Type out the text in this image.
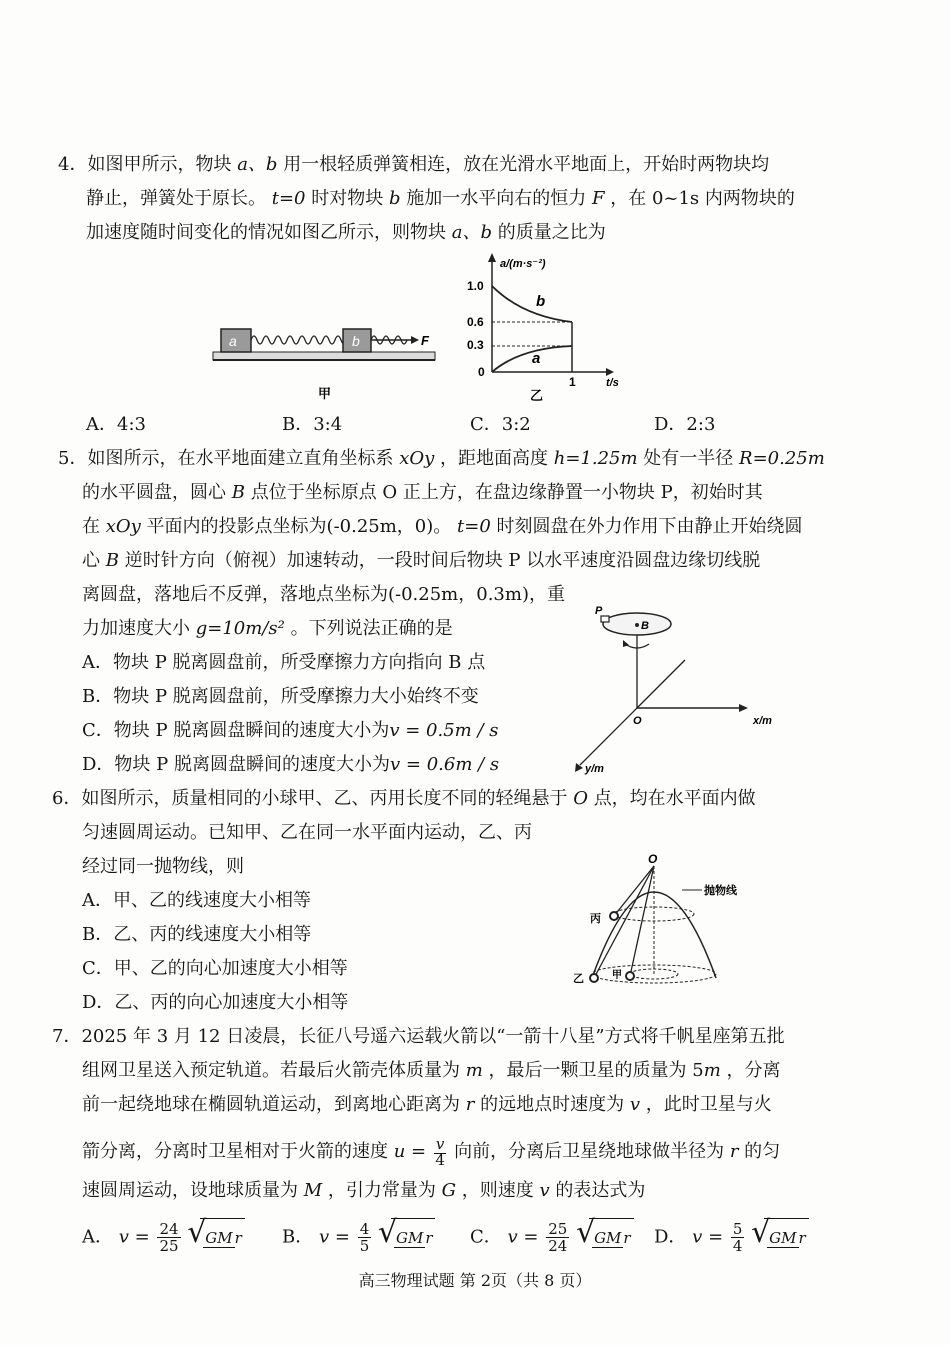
4．如图甲所示，物块 a、b 用一根轻质弹簧相连，放在光滑水平地面上，开始时两物块均
静止，弹簧处于原长。 t=0 时对物块 b 施加一水平向右的恒力 F ，在 0~1s 内两物块的
加速度随时间变化的情况如图乙所示，则物块 a、b 的质量之比为
a	b	F
甲
a/(m·s⁻²)
t/s
1.0
0.6
0.3
0
1
b
a
乙
A．4:3	B．3:4	C．3:2	D．2:3
5．如图所示，在水平地面建立直角坐标系 xOy ，距地面高度 h=1.25m 处有一半径 R=0.25m
的水平圆盘，圆心 B 点位于坐标原点 O 正上方，在盘边缘静置一小物块 P，初始时其
在 xOy 平面内的投影点坐标为(-0.25m，0)。 t=0 时刻圆盘在外力作用下由静止开始绕圆
心 B 逆时针方向（俯视）加速转动，一段时间后物块 P 以水平速度沿圆盘边缘切线脱
离圆盘，落地后不反弹，落地点坐标为(-0.25m，0.3m)，重
力加速度大小 g=10m/s² 。下列说法正确的是
A．物块 P 脱离圆盘前，所受摩擦力方向指向 B 点
B．物块 P 脱离圆盘前，所受摩擦力大小始终不变
C．物块 P 脱离圆盘瞬间的速度大小为v = 0.5m / s
D．物块 P 脱离圆盘瞬间的速度大小为v = 0.6m / s
P
B
O	x/m
y/m
6．如图所示，质量相同的小球甲、乙、丙用长度不同的轻绳悬于 O 点，均在水平面内做
匀速圆周运动。已知甲、乙在同一水平面内运动，乙、丙
经过同一抛物线，则
A．甲、乙的线速度大小相等
B．乙、丙的线速度大小相等
C．甲、乙的向心加速度大小相等
D．乙、丙的向心加速度大小相等
O
抛物线
丙
乙	甲
7．2025 年 3 月 12 日凌晨，长征八号遥六运载火箭以“一箭十八星”方式将千帆星座第五批
组网卫星送入预定轨道。若最后火箭壳体质量为 m ，最后一颗卫星的质量为 5m ，分离
前一起绕地球在椭圆轨道运动，到离地心距离为 r 的远地点时速度为 v ，此时卫星与火
箭分离，分离时卫星相对于火箭的速度 $u = \frac{v}{4}$ 向前，分离后卫星绕地球做半径为 r 的匀
速圆周运动，设地球质量为 M ，引力常量为 G ，则速度 v 的表达式为
A． $v = \frac{24}{25}$ √ GM r B． $v = \frac{4}{5}$ √ GM r C． $v = \frac{25}{24}$ √ GM r D． $v = \frac{5}{4}$ √ GM r
高三物理试题 第 2页（共 8 页）
